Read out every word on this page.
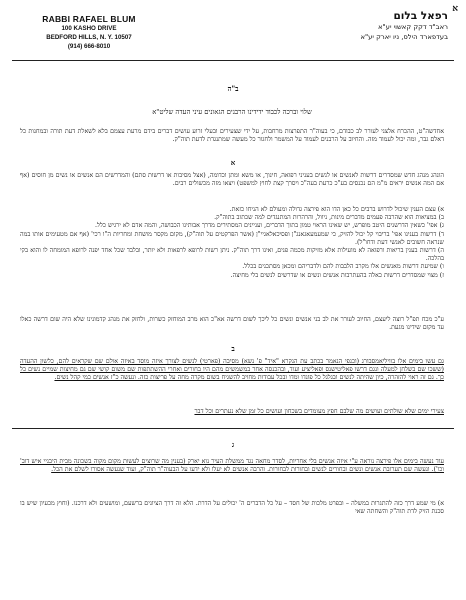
א
RABBI RAFAEL BLUM
100 KASHO DRIVE
BEDFORD HILLS, N. Y. 10507
(914) 666-8010
רפאל בלום
ראב"ד דקק קאשוי יע"א
בעדפארד הילס, ניו יארק יע"א
ב"ה
שלוי וברכה לכבוד ידידינו הרבנים הגאונים עיני העדה שליט"א
אחדשה"ט, ההכרח אלצני לעורר לב כבודם, כי בעוה"ר התפרצות מרחבות, על ידי שצעירים ובעלי זרוע עושים דברים בידם מרעת עצמם בלא לשאלת דעת תורה ובמחנות כל דאלם גבר, ומה יכול לעמוד מזה. והחיוב על הרבנים לעמוד על המשמר ולחגור כל מעשה שמתנגדת לדעת תוה"ק.
א
הונהג מנהג חדש שמסדרים דרשות לאנשים או לנשים בעניני רפואה, חינוך, או משא ומתן וכדומה, (אצל מסיבות או דרשות סתם) והמדרשים הם אנשים או נשים מן חוסים (אף אם המה אנשים יראים מ"מ הם נכנסים בע"כ כרעת בעה"כ ויסרך קצת לחוץ למשפט) ויצאו מזה מכשולים רבים.

א) עצם הענין שיכול לדרוש ברבים כל כאן הדו הוא פירצה גדולה ומעולם לא הניחו כזאת.

ב) במציאות הוא שהרבה פעמים מדברים מינות, ניוול, והרהרות המתנגדים למה שכתוב בתוה"ק.

ג) אפי' כשאין הדרשנים היטב מופרש, יש שאינו הראוי טמון בתוך הדברים, ועניינים המסתירים מדרך אבותינו הכבושה, והמה אדם לא ירגיש כלל.

ד) דרשות בענינו אפי' בריבוי קל יכול להזיק, כי שמעמעאגאנג"ן ופסיכאלאגיי"ן (אשר הפרקטים על תוה"ק), מקום מקסר מושחת ומחריות ה"ו רכי' (אף אם מטעימים אותו במה שנראה חשובים לאנשי דעת ודחו"ל).

ה) דרשות בענין בריאות ורפואה לא מועילות אלא מזיקות מכמה פנים, ואינו דרך תוה"ק. ניתן רשות לרופא לרפאות ולא יותר, ובלבד שכל אחד יפנה לרופא המומחה לו והוא בקי בהלכה.

ו) שמיעת דרשות מאנשים אלו מקרב הלבבות להם ולדבריהם ומכאן מסתכנים בכלל.

ז) מצוי שמסדרים דרשות כאלה בהעתרבות אנשים ונשים או שדרשים לנשים בלי מחיצה.

ע"כ מכח תפ"ל רוצה ליעצם, החיוב לעורר את לב בני אנשים ונשים כל ליכך לשום דרשה אא"כ הוא מרב המוחזק כשרות, ולחזק את מנהג קדמונינו שלא היה שום דרשה כאלו עד מקום שידינו מגעת.
ב
גם עשו בימים אלו בוויליאמסבורג (וכנפי הנאמר בכתב עת הנקרא "איד" פ' נשא) מסיבה (פארטי) לנשים לצורך איזה מוסד באיזה אולם שם שקראים להם, כלשון ההעדה (ששכו שם בשלחן למעלה ונגם דרשו פאליטישנס ופאליציע ועוד, ובהכנסה אחר במשמשים מהם היו בחורים ואחרי ההשתתפות שם משום קושי שם גם מחיצות שמיים נשים כל כך. גם זה ראוי להזהרה, כיון שהיתה לנשים ובגלגל כל פונדו ומדו ובכל עבודות מחויב להשגיח בשום מקרה מחה על פריצות כזה. ונעשה כ"ז אנשים כמי קהל נשים.
צעירי ימים שלא שולתים ועושים מה שלבם חפץ מעומדים בשכחון ועושים כל זמן שלא נעתרים וכל דבר
ג
עוד נעשה בימים אלו פירצה נוראה ע"י איזה אנשים בלי אחריות, לסדר מחאה נגד ממשלת העיר נוא יארק (בענין מה שרוצים לעשות מקום מקוה בשכונה מבית היבניי איש דוב' וכו'). ונעשה שם תערובת אנשים ונשים ובחורים לנשים ובחורות לבחורות. והרבה אנשים לא יעלו ולא ידעו על הבעוה"ר תוה"ק, ועוד שנעשה אסורו לשלם את הכל.
א) מי שמע דרך כזה להתגרות במשלה – ובפרט מלכות של חסד – על כל הדברים ה' יכולים על הדרת. הלא זה דרך הציונים ברשעם, ומושעים ולא דרכנו. (וחוץ מכעיון שיש בו סכנת הזיק לדת תוה"ק והשחתה שאי
